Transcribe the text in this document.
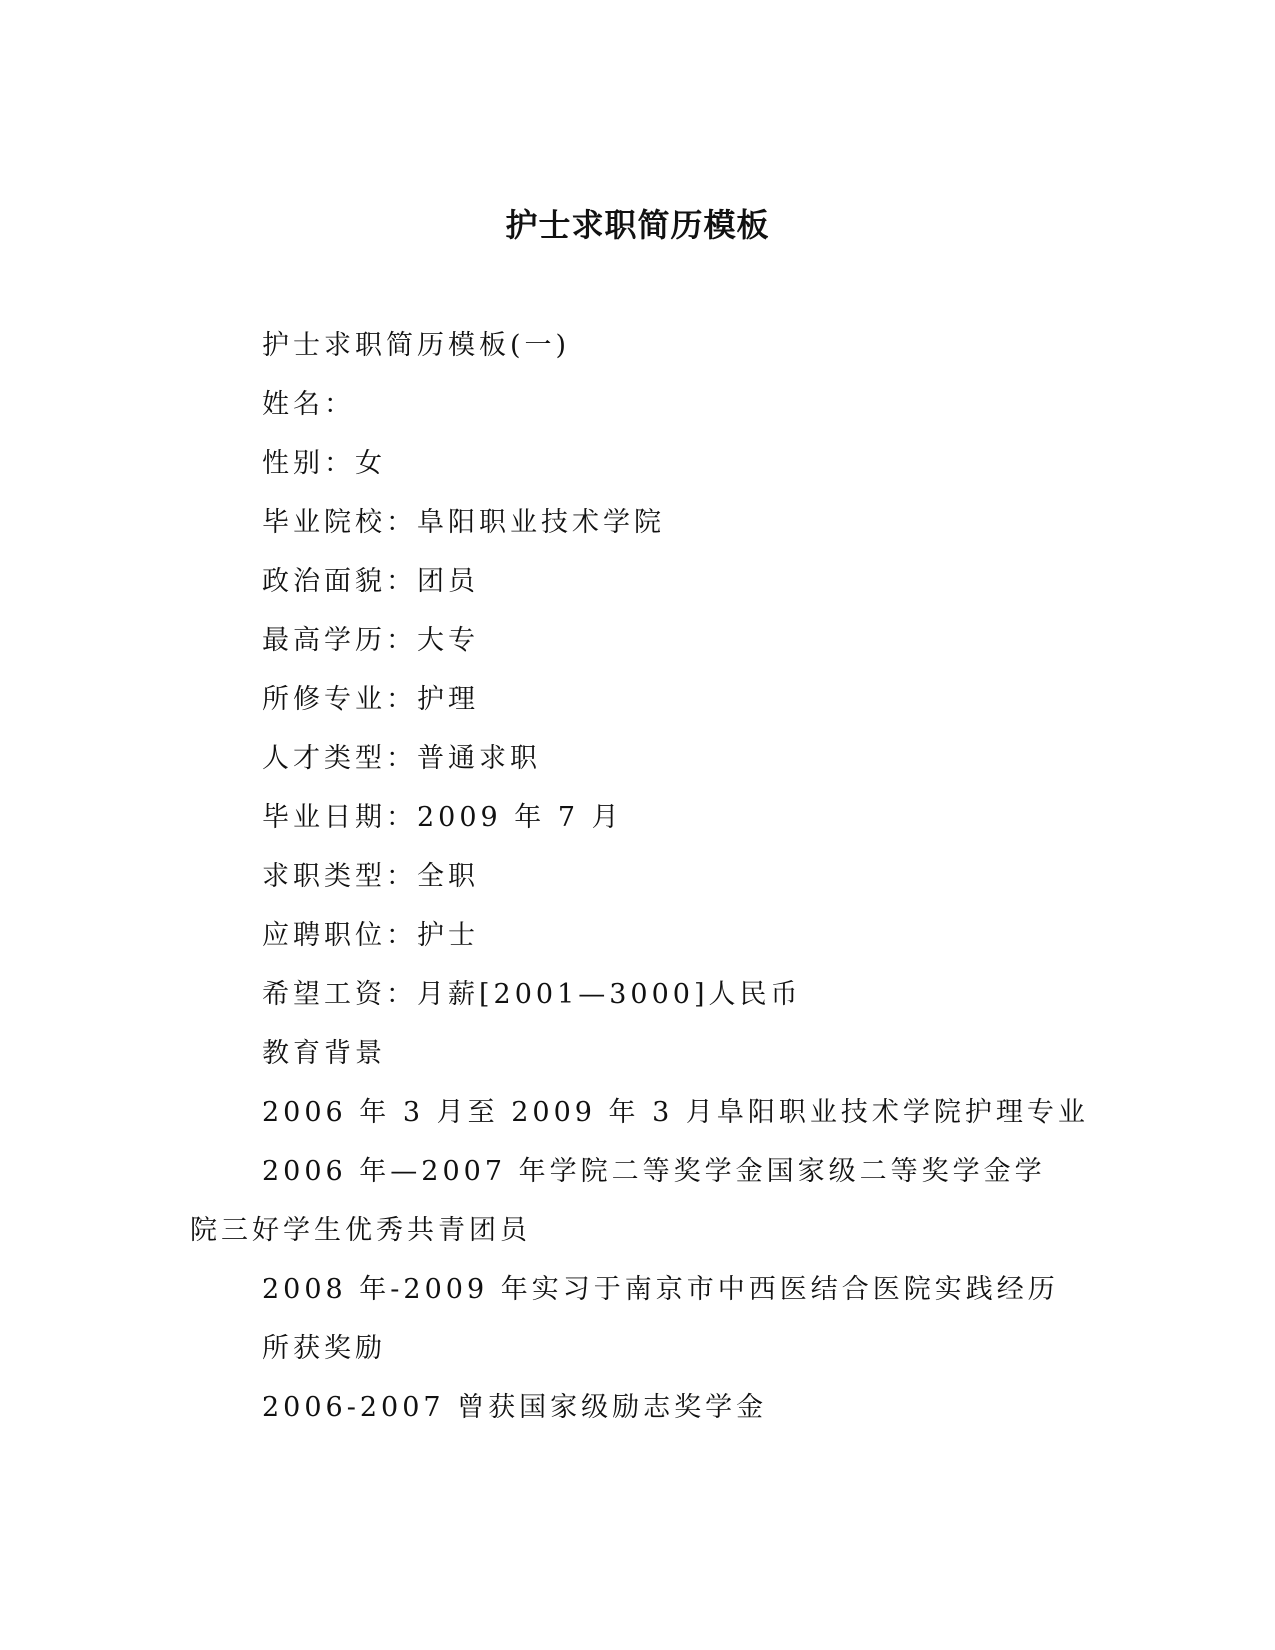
护士求职简历模板
护士求职简历模板(一)
姓名：
性别：女
毕业院校：阜阳职业技术学院
政治面貌：团员
最高学历：大专
所修专业：护理
人才类型：普通求职
毕业日期：2009 年 7 月
求职类型：全职
应聘职位：护士
希望工资：月薪[2001—3000]人民币
教育背景
2006 年 3 月至 2009 年 3 月阜阳职业技术学院护理专业
2006 年—2007 年学院二等奖学金国家级二等奖学金学院三好学生优秀共青团员
2008 年-2009 年实习于南京市中西医结合医院实践经历
所获奖励
2006-2007 曾获国家级励志奖学金
